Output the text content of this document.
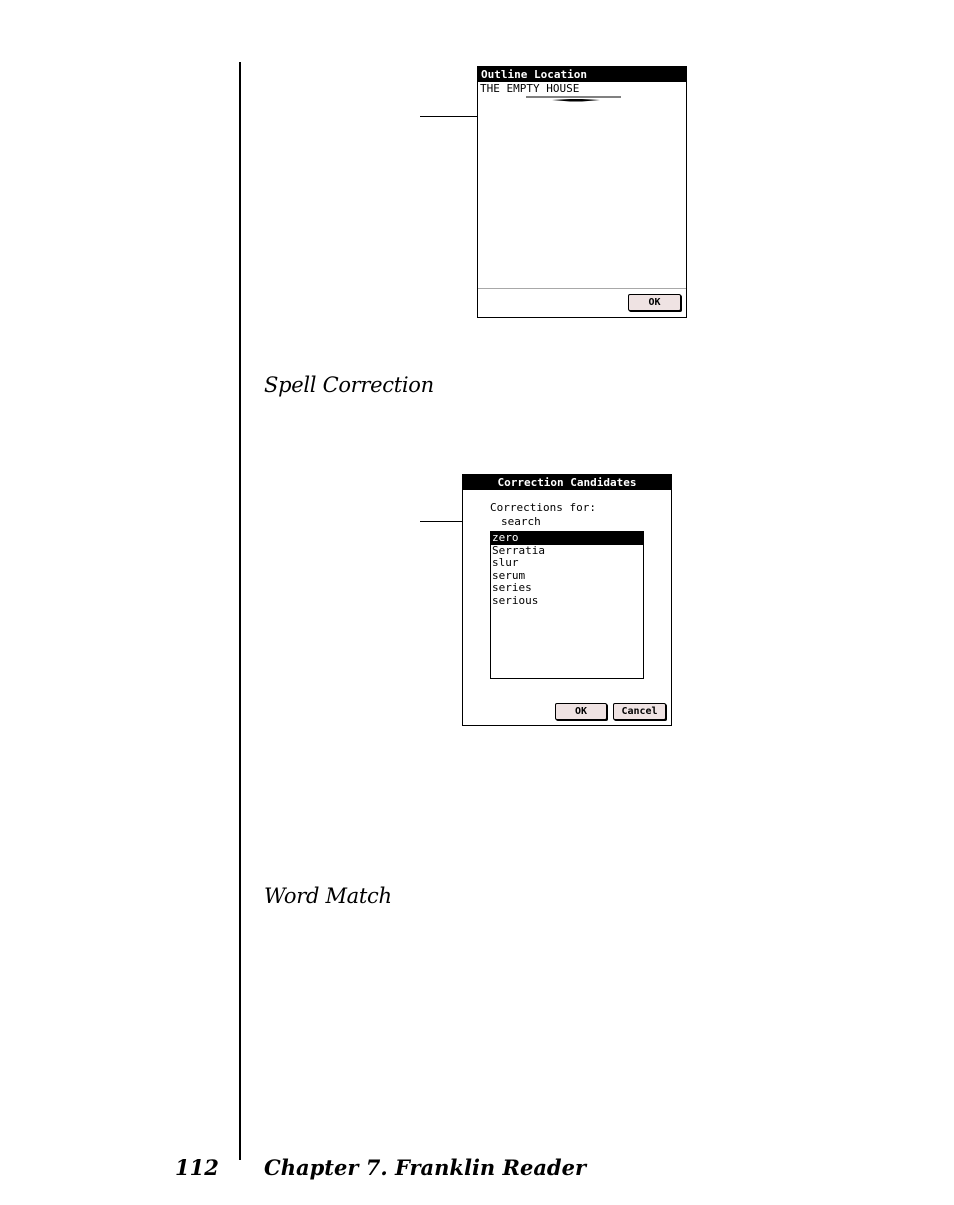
Outline Location
THE EMPTY HOUSE
OK
Spell Correction
Correction Candidates
Corrections for:
search
zero
Serratia
slur
serum
series
serious
OK	Cancel
Word Match
112 Chapter 7. Franklin Reader
